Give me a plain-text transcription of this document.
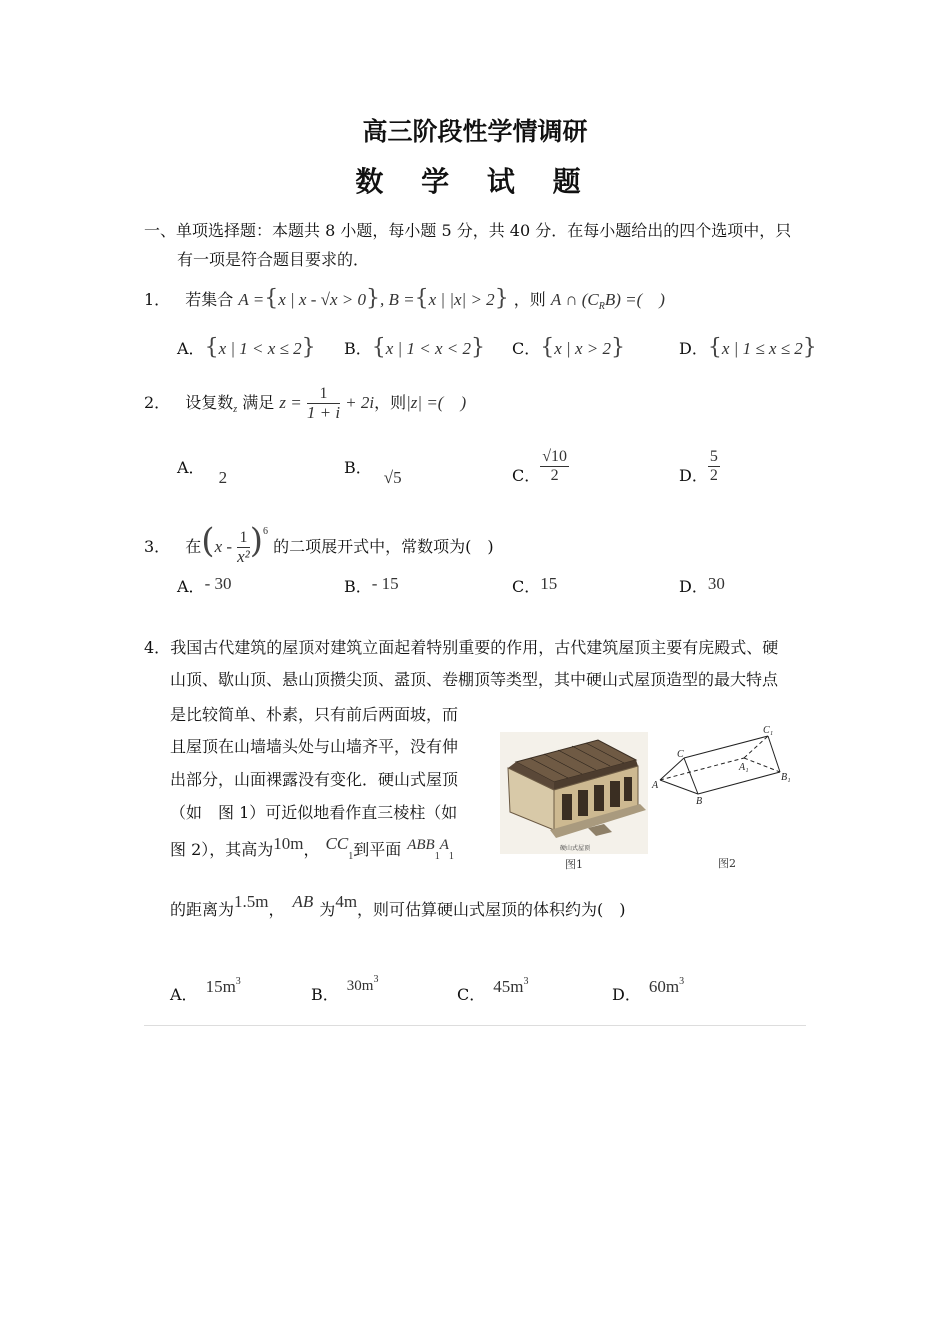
高三阶段性学情调研
数 学 试 题
一、单项选择题：本题共 8 小题，每小题 5 分，共 40 分．在每小题给出的四个选项中，只
有一项是符合题目要求的．
1． 若集合 A ={x | x - √x > 0}, B ={x | |x| > 2} ，则 A ∩ $(C_RB)$ =(　)
A．{x | 1 < x ≤ 2} B．{x | 1 < x < 2} C．{x | x > 2}	D．{x | 1 ≤ x ≤ 2}
2． 设复数$_z$ 满足 $z = \frac{1}{1 + i} + 2i$，则|z| =(　)
A．2
B．√5	C． $\frac{√10}{2}$	D． $\frac{5}{2}$
3． 在$(x - \frac{1}{\text{x²}} )^6$ 的二项展开式中，常数项为(　)
A．- 30	B．- 15	C．15	D．30
4．我国古代建筑的屋顶对建筑立面起着特别重要的作用，古代建筑屋顶主要有庑殿式、硬
山顶、歇山顶、悬山顶攒尖顶、盝顶、卷棚顶等类型，其中硬山式屋顶造型的最大特点
是比较简单、朴素，只有前后两面坡，而
且屋顶在山墙墙头处与山墙齐平，没有伸
出部分，山面裸露没有变化．硬山式屋顶
（如　图 1）可近似地看作直三棱柱（如
图 2），其高为10m， $CC_1$到平面 $ABB_1A_1$
的距离为1.5m， AB 为4m，则可估算硬山式屋顶的体积约为(　)
硬山式屋顶
图1
A
B
C
A₁
B₁
C₁
图2
A． $15m^3$
B． $30m^3$
C． $45m^3$
D． $60m^3$
